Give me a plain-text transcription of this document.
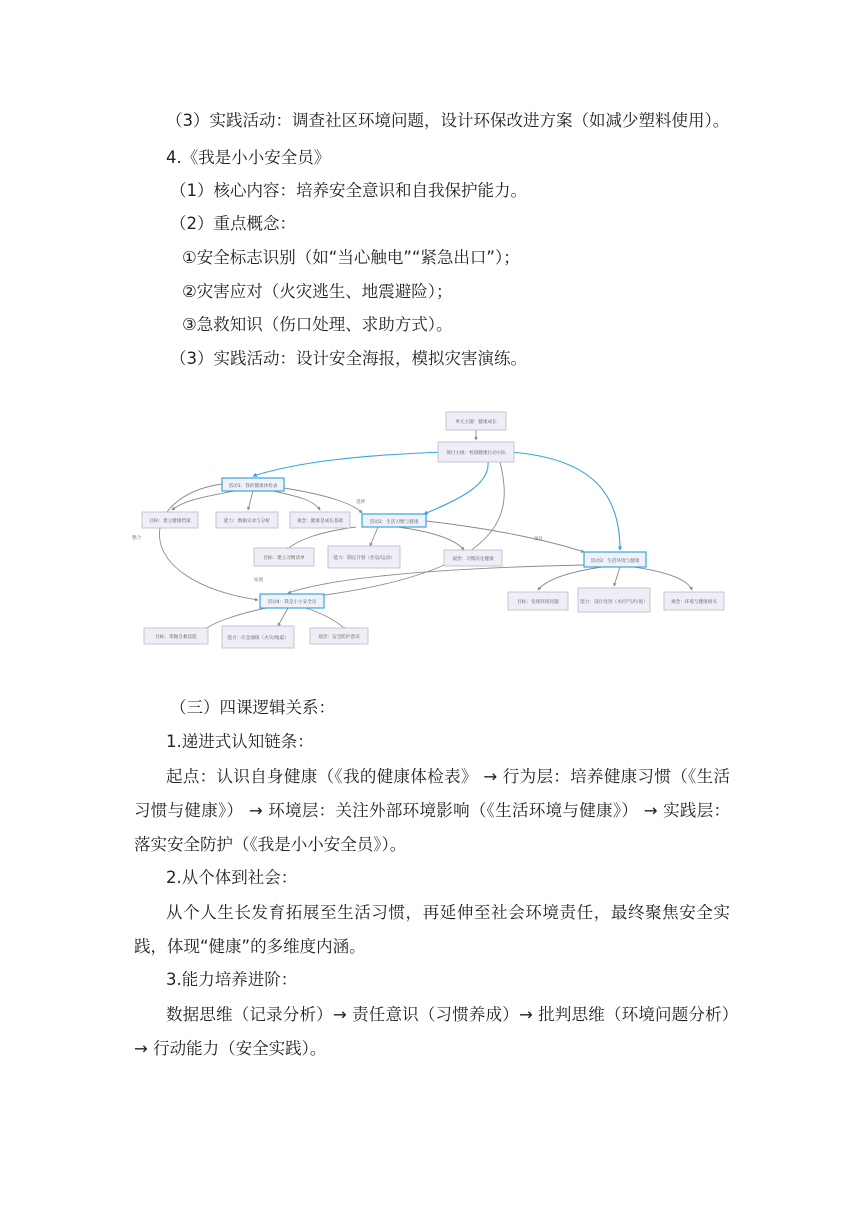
（3）实践活动：调查社区环境问题，设计环保改进方案（如减少塑料使用）。
4.《我是小小安全员》
（1）核心内容：培养安全意识和自我保护能力。
（2）重点概念：
①安全标志识别（如“当心触电”“紧急出口”）；
②灾害应对（火灾逃生、地震避险）；
③急救知识（伤口处理、求助方式）。
（3）实践活动：设计安全海报，模拟灾害演练。
延伸
深化
拓展
整合
单元主题：健康成长
项目主线：校园健康行动小队
活动1：我的健康体检表
目标：建立健康档案	能力：数据记录与分析	观念：健康是成长基础	活动2：生活习惯与健康
目标：建立习惯清单	能力：制定计划（作息/运动）	观念：习惯决定健康	活动3：生活环境与健康
目标：发现环境问题	能力：设计改进（水/空气/垃圾）	观念：环境与健康相关
活动4：我是小小安全员
目标：掌握自救技能	能力：应急演练（火灾/地震）	观念：安全防护意识
（三）四课逻辑关系：
1.递进式认知链条：
起点：认识自身健康（《我的健康体检表》 → 行为层：培养健康习惯（《生活习惯与健康》） → 环境层：关注外部环境影响（《生活环境与健康》） → 实践层：落实安全防护（《我是小小安全员》）。
2.从个体到社会：
从个人生长发育拓展至生活习惯，再延伸至社会环境责任，最终聚焦安全实践，体现“健康”的多维度内涵。
3.能力培养进阶：
数据思维（记录分析）→ 责任意识（习惯养成）→ 批判思维（环境问题分析）→ 行动能力（安全实践）。
